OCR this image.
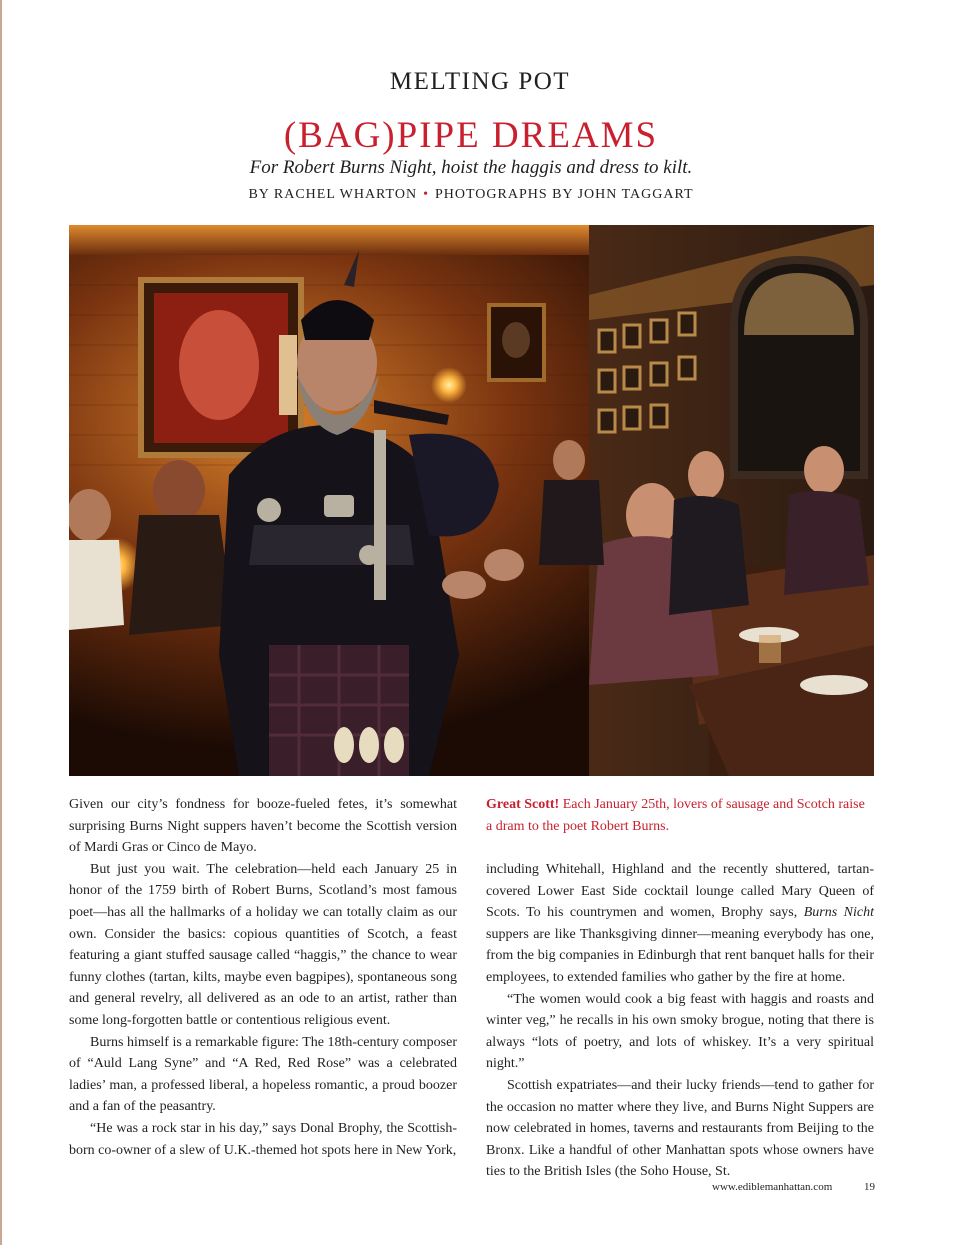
MELTING POT
(BAG)PIPE DREAMS
For Robert Burns Night, hoist the haggis and dress to kilt.
BY RACHEL WHARTON • PHOTOGRAPHS BY JOHN TAGGART

Given our city’s fondness for booze-fueled fetes, it’s somewhat surprising Burns Night suppers haven’t become the Scottish version of Mardi Gras or Cinco de Mayo.

But just you wait. The celebration—held each January 25 in honor of the 1759 birth of Robert Burns, Scotland’s most famous poet—has all the hallmarks of a holiday we can totally claim as our own. Consider the basics: copious quantities of Scotch, a feast featuring a giant stuffed sausage called “haggis,” the chance to wear funny clothes (tartan, kilts, maybe even bagpipes), spontaneous song and general revelry, all delivered as an ode to an artist, rather than some long-forgotten battle or contentious religious event.

Burns himself is a remarkable figure: The 18th-century composer of “Auld Lang Syne” and “A Red, Red Rose” was a celebrated ladies’ man, a professed liberal, a hopeless romantic, a proud boozer and a fan of the peasantry.

“He was a rock star in his day,” says Donal Brophy, the Scottish-born co-owner of a slew of U.K.-themed hot spots here in New York,

Great Scott! Each January 25th, lovers of sausage and Scotch raise a dram to the poet Robert Burns.

including Whitehall, Highland and the recently shuttered, tartan-covered Lower East Side cocktail lounge called Mary Queen of Scots. To his countrymen and women, Brophy says, Burns Nicht suppers are like Thanksgiving dinner—meaning everybody has one, from the big companies in Edinburgh that rent banquet halls for their employees, to extended families who gather by the fire at home.

“The women would cook a big feast with haggis and roasts and winter veg,” he recalls in his own smoky brogue, noting that there is always “lots of poetry, and lots of whiskey. It’s a very spiritual night.”

Scottish expatriates—and their lucky friends—tend to gather for the occasion no matter where they live, and Burns Night Suppers are now celebrated in homes, taverns and restaurants from Beijing to the Bronx. Like a handful of other Manhattan spots whose owners have ties to the British Isles (the Soho House, St.

www.ediblemanhattan.com	19
